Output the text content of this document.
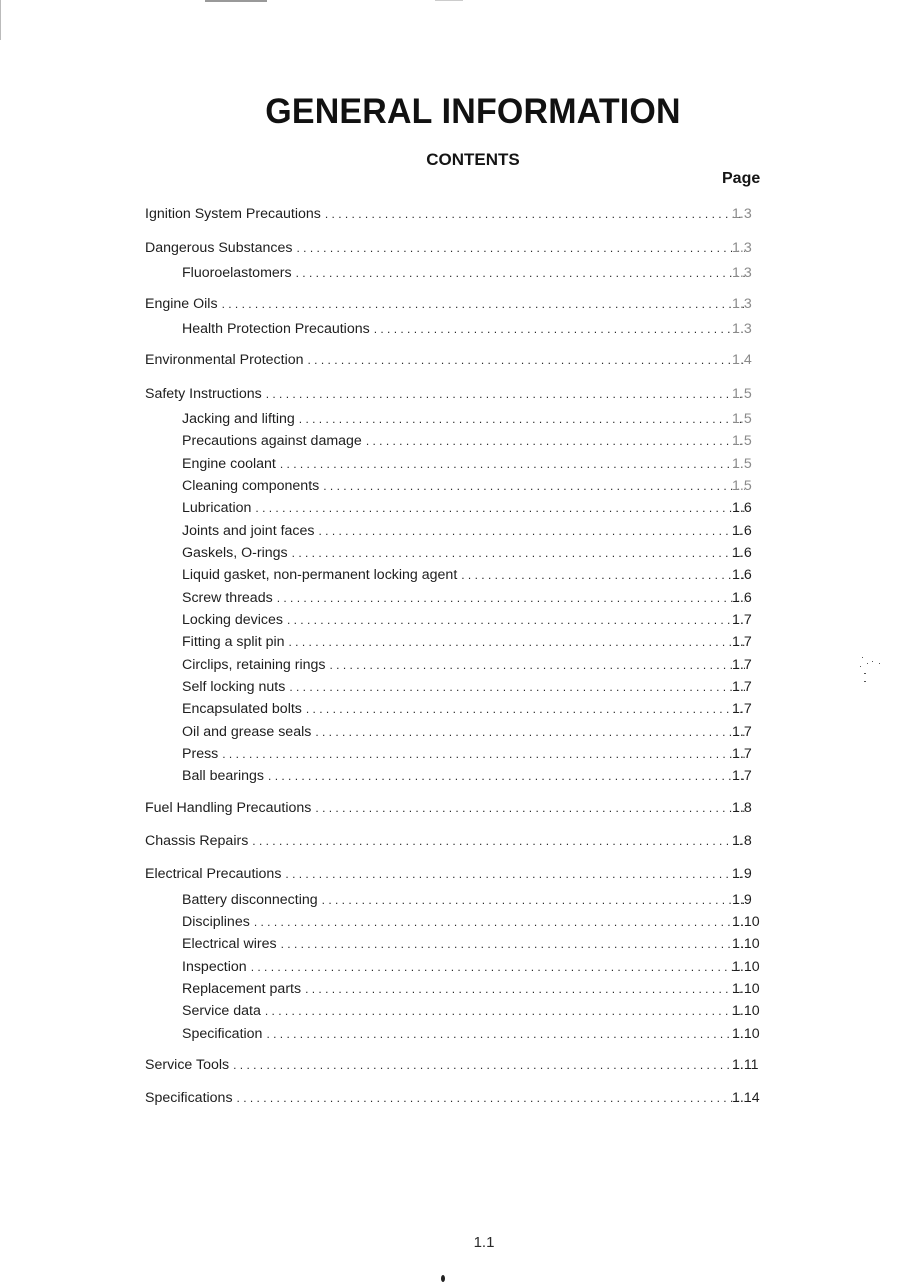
GENERAL INFORMATION
CONTENTS
Page
Ignition System Precautions . . .	1.3
Dangerous Substances . . .	1.3
Fluoroelastomers . . .	1.3
Engine Oils . . .	1.3
Health Protection Precautions . . .	1.3
Environmental Protection . . .	1.4
Safety Instructions . . .	1.5
Jacking and lifting . . .	1.5
Precautions against damage . . .	1.5
Engine coolant . . .	1.5
Cleaning components . . .	1.5
Lubrication . . .	1.6
Joints and joint faces . . .	1.6
Gaskels, O-rings . . .	1.6
Liquid gasket, non-permanent locking agent . . .	1.6
Screw threads . . .	1.6
Locking devices . . .	1.7
Fitting a split pin . . .	1.7
Circlips, retaining rings . . .	1.7
Self locking nuts . . .	1.7
Encapsulated bolts . . .	1.7
Oil and grease seals . . .	1.7
Press . . .	1.7
Ball bearings . . .	1.7
Fuel Handling Precautions . . .	1.8
Chassis Repairs . . .	1.8
Electrical Precautions . . .	1.9
Battery disconnecting . . .	1.9
Disciplines . . .	1.10
Electrical wires . . .	1.10
Inspection . . .	1.10
Replacement parts . . .	1.10
Service data . . .	1.10
Specification . . .	1.10
Service Tools . . .	1.11
Specifications . . .	1.14
1.1
